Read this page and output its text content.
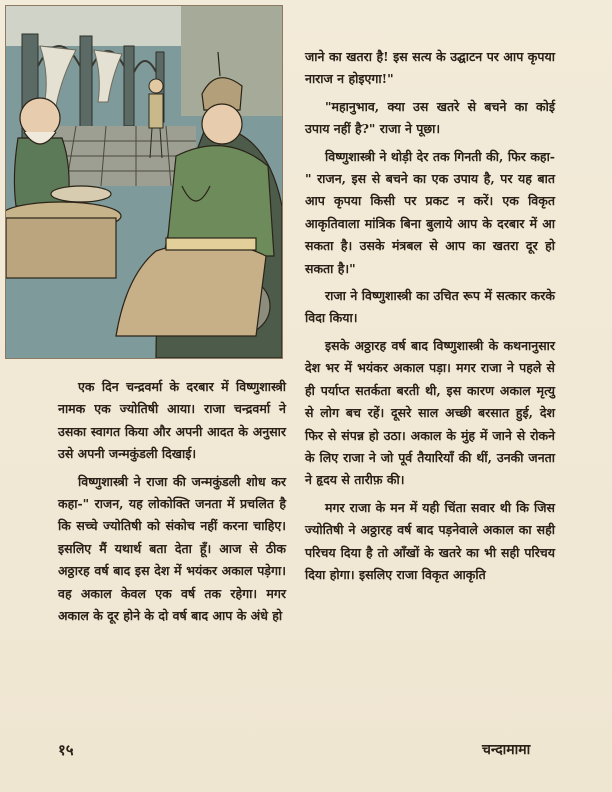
जाने का खतरा है! इस सत्य के उद्घाटन पर आप कृपया नाराज न होइएगा!"

"महानुभाव, क्या उस खतरे से बचने का कोई उपाय नहीं है?" राजा ने पूछा।

विष्णुशास्त्री ने थोड़ी देर तक गिनती की, फिर कहा-" राजन, इस से बचने का एक उपाय है, पर यह बात आप कृपया किसी पर प्रकट न करें। एक विकृत आकृतिवाला मांत्रिक बिना बुलाये आप के दरबार में आ सकता है। उसके मंत्रबल से आप का खतरा दूर हो सकता है।"

राजा ने विष्णुशास्त्री का उचित रूप में सत्कार करके विदा किया।

इसके अठ्ठारह वर्ष बाद विष्णुशास्त्री के कथनानुसार देश भर में भयंकर अकाल पड़ा। मगर राजा ने पहले से ही पर्याप्त सतर्कता बरती थी, इस कारण अकाल मृत्यु से लोग बच रहें। दूसरे साल अच्छी बरसात हुई, देश फिर से संपन्न हो उठा। अकाल के मुंह में जाने से रोकने के लिए राजा ने जो पूर्व तैयारियाँ की थीं, उनकी जनता ने हृदय से तारीफ़ की।

मगर राजा के मन में यही चिंता सवार थी कि जिस ज्योतिषी ने अठ्ठारह वर्ष बाद पड़नेवाले अकाल का सही परिचय दिया है तो आँखों के खतरे का भी सही परिचय दिया होगा। इसलिए राजा विकृत आकृति

एक दिन चन्द्रवर्मा के दरबार में विष्णुशास्त्री नामक एक ज्योतिषी आया। राजा चन्द्रवर्मा ने उसका स्वागत किया और अपनी आदत के अनुसार उसे अपनी जन्मकुंडली दिखाई।

विष्णुशास्त्री ने राजा की जन्मकुंडली शोध कर कहा-" राजन, यह लोकोक्ति जनता में प्रचलित है कि सच्चे ज्योतिषी को संकोच नहीं करना चाहिए। इसलिए मैं यथार्थ बता देता हूँ। आज से ठीक अठ्ठारह वर्ष बाद इस देश में भयंकर अकाल पड़ेगा। वह अकाल केवल एक वर्ष तक रहेगा। मगर अकाल के दूर होने के दो वर्ष बाद आप के अंधे हो

१५	चन्दामामा
